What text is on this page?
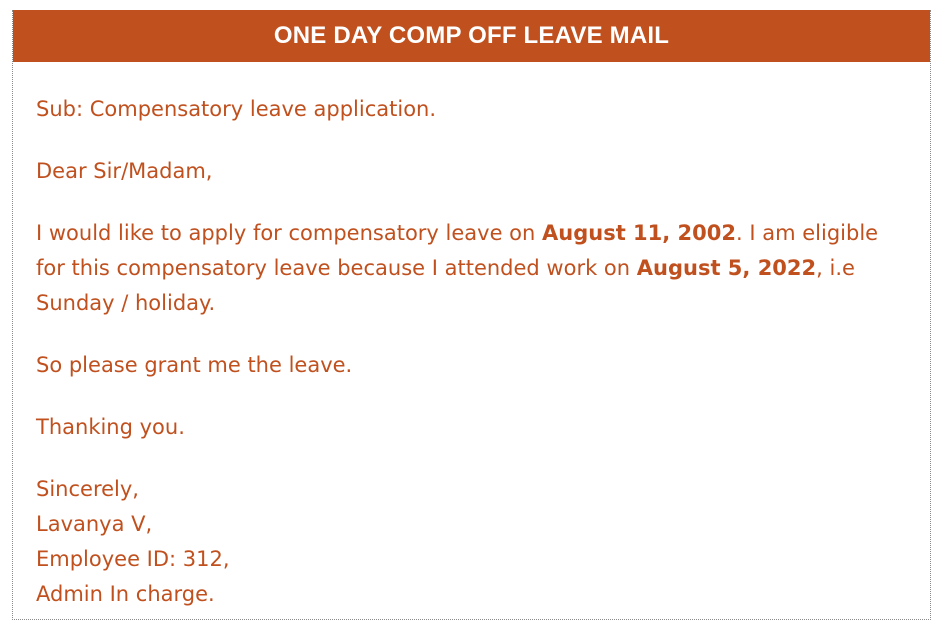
ONE DAY COMP OFF LEAVE MAIL

Sub: Compensatory leave application.

Dear Sir/Madam,

I would like to apply for compensatory leave on August 11, 2002. I am eligible for this compensatory leave because I attended work on August 5, 2022, i.e Sunday / holiday.

So please grant me the leave.

Thanking you.

Sincerely,
Lavanya V,
Employee ID: 312,
Admin In charge.
